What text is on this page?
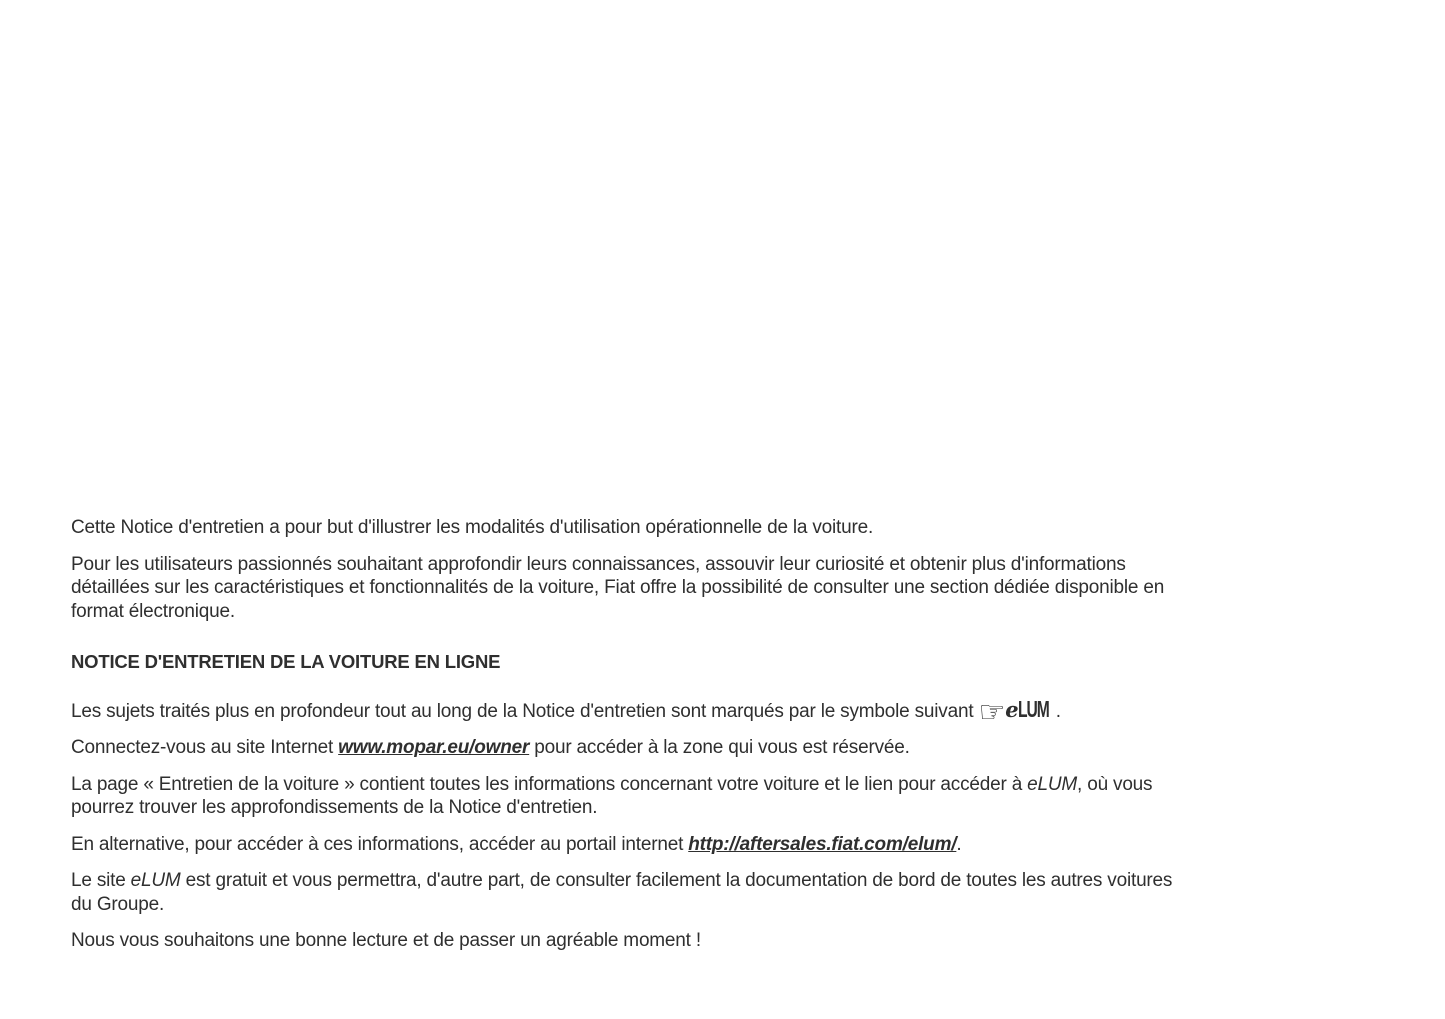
Cette Notice d'entretien a pour but d'illustrer les modalités d'utilisation opérationnelle de la voiture.

Pour les utilisateurs passionnés souhaitant approfondir leurs connaissances, assouvir leur curiosité et obtenir plus d'informations détaillées sur les caractéristiques et fonctionnalités de la voiture, Fiat offre la possibilité de consulter une section dédiée disponible en format électronique.

NOTICE D'ENTRETIEN DE LA VOITURE EN LIGNE

Les sujets traités plus en profondeur tout au long de la Notice d'entretien sont marqués par le symbole suivant ☞eLUM .

Connectez-vous au site Internet www.mopar.eu/owner pour accéder à la zone qui vous est réservée.

La page « Entretien de la voiture » contient toutes les informations concernant votre voiture et le lien pour accéder à eLUM, où vous pourrez trouver les approfondissements de la Notice d'entretien.

En alternative, pour accéder à ces informations, accéder au portail internet http://aftersales.fiat.com/elum/.

Le site eLUM est gratuit et vous permettra, d'autre part, de consulter facilement la documentation de bord de toutes les autres voitures du Groupe.

Nous vous souhaitons une bonne lecture et de passer un agréable moment !
